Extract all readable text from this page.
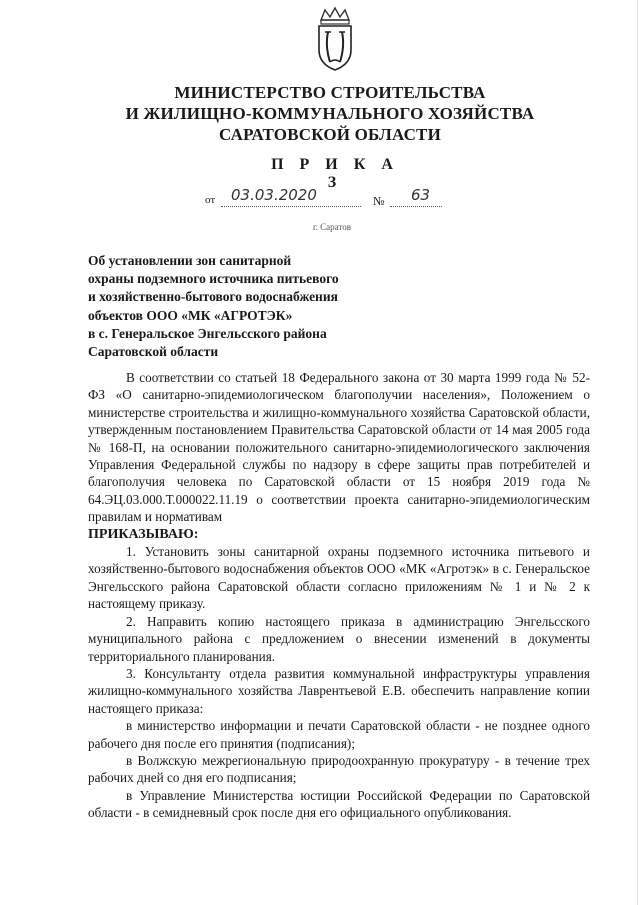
МИНИСТЕРСТВО СТРОИТЕЛЬСТВА
И ЖИЛИЩНО-КОММУНАЛЬНОГО ХОЗЯЙСТВА
САРАТОВСКОЙ ОБЛАСТИ
П Р И К А З
от 03.03.2020	№ 63
г. Саратов
Об установлении зон санитарной
охраны подземного источника питьевого
и хозяйственно-бытового водоснабжения
объектов ООО «МК «АГРОТЭК»
в с. Генеральское Энгельсского района
Саратовской области

В соответствии со статьей 18 Федерального закона от 30 марта 1999 года № 52-ФЗ «О санитарно-эпидемиологическом благополучии населения», Положением о министерстве строительства и жилищно-коммунального хозяйства Саратовской области, утвержденным постановлением Правительства Саратовской области от 14 мая 2005 года № 168-П, на основании положительного санитарно-эпидемиологического заключения Управления Федеральной службы по надзору в сфере защиты прав потребителей и благополучия человека по Саратовской области от 15 ноября 2019 года № 64.ЭЦ.03.000.Т.000022.11.19 о соответствии проекта санитарно-эпидемиологическим правилам и нормативам

ПРИКАЗЫВАЮ:

1. Установить зоны санитарной охраны подземного источника питьевого и хозяйственно-бытового водоснабжения объектов ООО «МК «Агротэк» в с. Генеральское Энгельсского района Саратовской области согласно приложениям № 1 и № 2 к настоящему приказу.

2. Направить копию настоящего приказа в администрацию Энгельсского муниципального района с предложением о внесении изменений в документы территориального планирования.

3. Консультанту отдела развития коммунальной инфраструктуры управления жилищно-коммунального хозяйства Лаврентьевой Е.В. обеспечить направление копии настоящего приказа:

в министерство информации и печати Саратовской области - не позднее одного рабочего дня после его принятия (подписания);

в Волжскую межрегиональную природоохранную прокуратуру - в течение трех рабочих дней со дня его подписания;

в Управление Министерства юстиции Российской Федерации по Саратовской области - в семидневный срок после дня его официального опубликования.
